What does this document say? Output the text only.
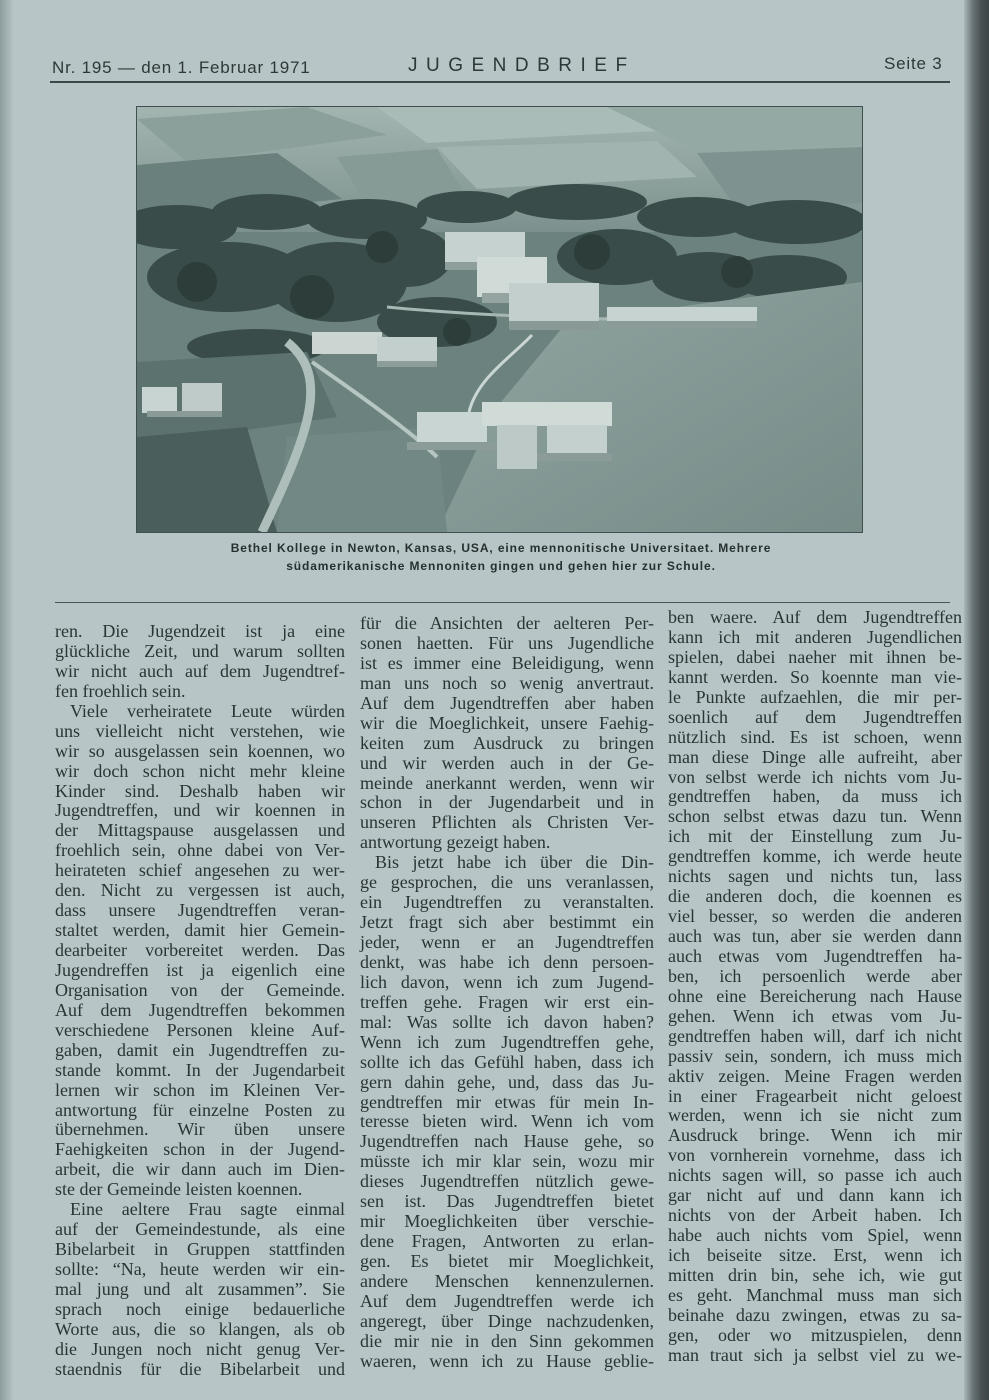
Nr. 195 — den 1. Februar 1971	JUGENDBRIEF	Seite 3
Bethel Kollege in Newton, Kansas, USA, eine mennonitische Universitaet. Mehrere
südamerikanische Mennoniten gingen und gehen hier zur Schule.
ren. Die Jugendzeit ist ja eine
glückliche Zeit, und warum sollten
wir nicht auch auf dem Jugendtref-
fen froehlich sein.
Viele verheiratete Leute würden
uns vielleicht nicht verstehen, wie
wir so ausgelassen sein koennen, wo
wir doch schon nicht mehr kleine
Kinder sind. Deshalb haben wir
Jugendtreffen, und wir koennen in
der Mittagspause ausgelassen und
froehlich sein, ohne dabei von Ver-
heirateten schief angesehen zu wer-
den. Nicht zu vergessen ist auch,
dass unsere Jugendtreffen veran-
staltet werden, damit hier Gemein-
dearbeiter vorbereitet werden. Das
Jugendreffen ist ja eigenlich eine
Organisation von der Gemeinde.
Auf dem Jugendtreffen bekommen
verschiedene Personen kleine Auf-
gaben, damit ein Jugendtreffen zu-
stande kommt. In der Jugendarbeit
lernen wir schon im Kleinen Ver-
antwortung für einzelne Posten zu
übernehmen. Wir üben unsere
Faehigkeiten schon in der Jugend-
arbeit, die wir dann auch im Dien-
ste der Gemeinde leisten koennen.
Eine aeltere Frau sagte einmal
auf der Gemeindestunde, als eine
Bibelarbeit in Gruppen stattfinden
sollte: “Na, heute werden wir ein-
mal jung und alt zusammen”. Sie
sprach noch einige bedauerliche
Worte aus, die so klangen, als ob
die Jungen noch nicht genug Ver-
staendnis für die Bibelarbeit und
für die Ansichten der aelteren Per-
sonen haetten. Für uns Jugendliche
ist es immer eine Beleidigung, wenn
man uns noch so wenig anvertraut.
Auf dem Jugendtreffen aber haben
wir die Moeglichkeit, unsere Faehig-
keiten zum Ausdruck zu bringen
und wir werden auch in der Ge-
meinde anerkannt werden, wenn wir
schon in der Jugendarbeit und in
unseren Pflichten als Christen Ver-
antwortung gezeigt haben.
Bis jetzt habe ich über die Din-
ge gesprochen, die uns veranlassen,
ein Jugendtreffen zu veranstalten.
Jetzt fragt sich aber bestimmt ein
jeder, wenn er an Jugendtreffen
denkt, was habe ich denn persoen-
lich davon, wenn ich zum Jugend-
treffen gehe. Fragen wir erst ein-
mal: Was sollte ich davon haben?
Wenn ich zum Jugendtreffen gehe,
sollte ich das Gefühl haben, dass ich
gern dahin gehe, und, dass das Ju-
gendtreffen mir etwas für mein In-
teresse bieten wird. Wenn ich vom
Jugendtreffen nach Hause gehe, so
müsste ich mir klar sein, wozu mir
dieses Jugendtreffen nützlich gewe-
sen ist. Das Jugendtreffen bietet
mir Moeglichkeiten über verschie-
dene Fragen, Antworten zu erlan-
gen. Es bietet mir Moeglichkeit,
andere Menschen kennenzulernen.
Auf dem Jugendtreffen werde ich
angeregt, über Dinge nachzudenken,
die mir nie in den Sinn gekommen
waeren, wenn ich zu Hause geblie-
ben waere. Auf dem Jugendtreffen
kann ich mit anderen Jugendlichen
spielen, dabei naeher mit ihnen be-
kannt werden. So koennte man vie-
le Punkte aufzaehlen, die mir per-
soenlich auf dem Jugendtreffen
nützlich sind. Es ist schoen, wenn
man diese Dinge alle aufreiht, aber
von selbst werde ich nichts vom Ju-
gendtreffen haben, da muss ich
schon selbst etwas dazu tun. Wenn
ich mit der Einstellung zum Ju-
gendtreffen komme, ich werde heute
nichts sagen und nichts tun, lass
die anderen doch, die koennen es
viel besser, so werden die anderen
auch was tun, aber sie werden dann
auch etwas vom Jugendtreffen ha-
ben, ich persoenlich werde aber
ohne eine Bereicherung nach Hause
gehen. Wenn ich etwas vom Ju-
gendtreffen haben will, darf ich nicht
passiv sein, sondern, ich muss mich
aktiv zeigen. Meine Fragen werden
in einer Fragearbeit nicht geloest
werden, wenn ich sie nicht zum
Ausdruck bringe. Wenn ich mir
von vornherein vornehme, dass ich
nichts sagen will, so passe ich auch
gar nicht auf und dann kann ich
nichts von der Arbeit haben. Ich
habe auch nichts vom Spiel, wenn
ich beiseite sitze. Erst, wenn ich
mitten drin bin, sehe ich, wie gut
es geht. Manchmal muss man sich
beinahe dazu zwingen, etwas zu sa-
gen, oder wo mitzuspielen, denn
man traut sich ja selbst viel zu we-
